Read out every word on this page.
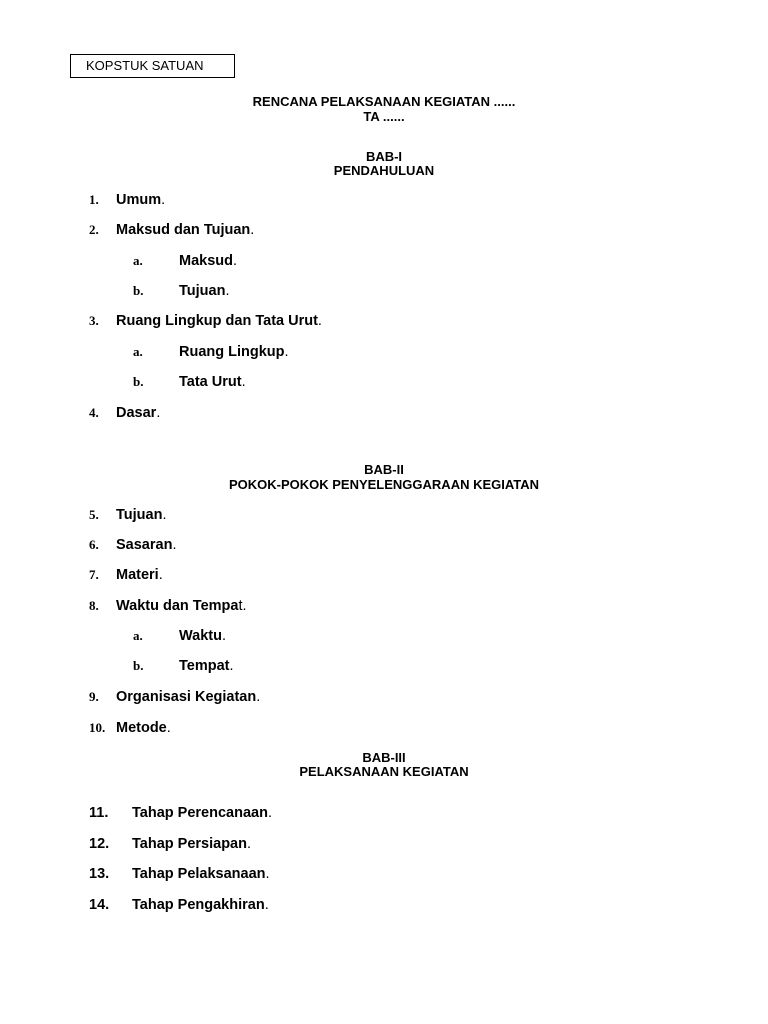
KOPSTUK SATUAN
RENCANA PELAKSANAAN KEGIATAN ......
TA ......
BAB-I
PENDAHULUAN
1. Umum.
2. Maksud dan Tujuan.
a.	Maksud.
b. Tujuan.
3. Ruang Lingkup dan Tata Urut.
a.	Ruang Lingkup.
b. Tata Urut.
4. Dasar.
BAB-II
POKOK-POKOK PENYELENGGARAAN KEGIATAN
5. Tujuan.
6. Sasaran.
7. Materi.
8. Waktu dan Tempat.
a.	Waktu.
b. Tempat.
9. Organisasi Kegiatan.
10. Metode.
BAB-III
PELAKSANAAN KEGIATAN
11. Tahap Perencanaan.
12. Tahap Persiapan.
13. Tahap Pelaksanaan.
14. Tahap Pengakhiran.
